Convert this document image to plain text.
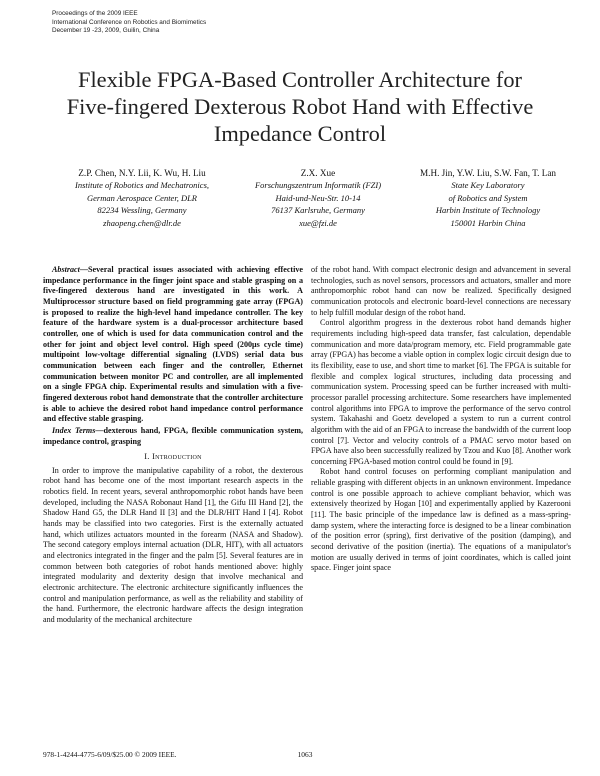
Proceedings of the 2009 IEEE
International Conference on Robotics and Biomimetics
December 19 -23, 2009, Guilin, China
Flexible FPGA-Based Controller Architecture for
Five-fingered Dexterous Robot Hand with Effective
Impedance Control
Z.P. Chen, N.Y. Lii, K. Wu, H. Liu
Institute of Robotics and Mechatronics,
German Aerospace Center, DLR
82234 Wessling, Germany
zhaopeng.chen@dlr.de
Z.X. Xue
Forschungszentrum Informatik (FZI)
Haid-und-Neu-Str. 10-14
76137 Karlsruhe, Germany
xue@fzi.de
M.H. Jin, Y.W. Liu, S.W. Fan, T. Lan
State Key Laboratory
of Robotics and System
Harbin Institute of Technology
150001 Harbin China

Abstract—Several practical issues associated with achieving effective impedance performance in the finger joint space and stable grasping on a five-fingered dexterous hand are investigated in this work. A Multiprocessor structure based on field programming gate array (FPGA) is proposed to realize the high-level hand impedance controller. The key feature of the hardware system is a dual-processor architecture based controller, one of which is used for data communication control and the other for joint and object level control. High speed (200μs cycle time) multipoint low-voltage differential signaling (LVDS) serial data bus communication between each finger and the controller, Ethernet communication between monitor PC and controller, are all implemented on a single FPGA chip. Experimental results and simulation with a five-fingered dexterous robot hand demonstrate that the controller architecture is able to achieve the desired robot hand impedance control performance and effective stable grasping.

Index Terms—dexterous hand, FPGA, flexible communication system, impedance control, grasping

I. Introduction

In order to improve the manipulative capability of a robot, the dexterous robot hand has become one of the most important research aspects in the robotics field. In recent years, several anthropomorphic robot hands have been developed, including the NASA Robonaut Hand [1], the Gifu III Hand [2], the Shadow Hand G5, the DLR Hand II [3] and the DLR/HIT Hand I [4]. Robot hands may be classified into two categories. First is the externally actuated hand, which utilizes actuators mounted in the forearm (NASA and Shadow). The second category employs internal actuation (DLR, HIT), with all actuators and electronics integrated in the finger and the palm [5]. Several features are in common between both categories of robot hands mentioned above: highly integrated modularity and dexterity design that involve mechanical and electronic architecture. The electronic architecture significantly influences the control and manipulation performance, as well as the reliability and stability of the hand. Furthermore, the electronic hardware affects the design integration and modularity of the mechanical architecture

of the robot hand. With compact electronic design and advancement in several technologies, such as novel sensors, processors and actuators, smaller and more anthropomorphic robot hand can now be realized. Specifically designed communication protocols and electronic board-level connections are necessary to help fulfill modular design of the robot hand.

Control algorithm progress in the dexterous robot hand demands higher requirements including high-speed data transfer, fast calculation, dependable communication and more data/program memory, etc. Field programmable gate array (FPGA) has become a viable option in complex logic circuit design due to its flexibility, ease to use, and short time to market [6]. The FPGA is suitable for flexible and complex logical structures, including data processing and communication system. Processing speed can be further increased with multi-processor parallel processing architecture. Some researchers have implemented control algorithms into FPGA to improve the performance of the servo control system. Takahashi and Goetz developed a system to run a current control algorithm with the aid of an FPGA to increase the bandwidth of the current loop control [7]. Vector and velocity controls of a PMAC servo motor based on FPGA have also been successfully realized by Tzou and Kuo [8]. Another work concerning FPGA-based motion control could be found in [9].

Robot hand control focuses on performing compliant manipulation and reliable grasping with different objects in an unknown environment. Impedance control is one possible approach to achieve compliant behavior, which was extensively theorized by Hogan [10] and experimentally applied by Kazerooni [11]. The basic principle of the impedance law is defined as a mass-spring-damp system, where the interacting force is designed to be a linear combination of the position error (spring), first derivative of the position (damping), and second derivative of the position (inertia). The equations of a manipulator's motion are usually derived in terms of joint coordinates, which is called joint space. Finger joint space

978-1-4244-4775-6/09/$25.00 © 2009 IEEE.	1063
